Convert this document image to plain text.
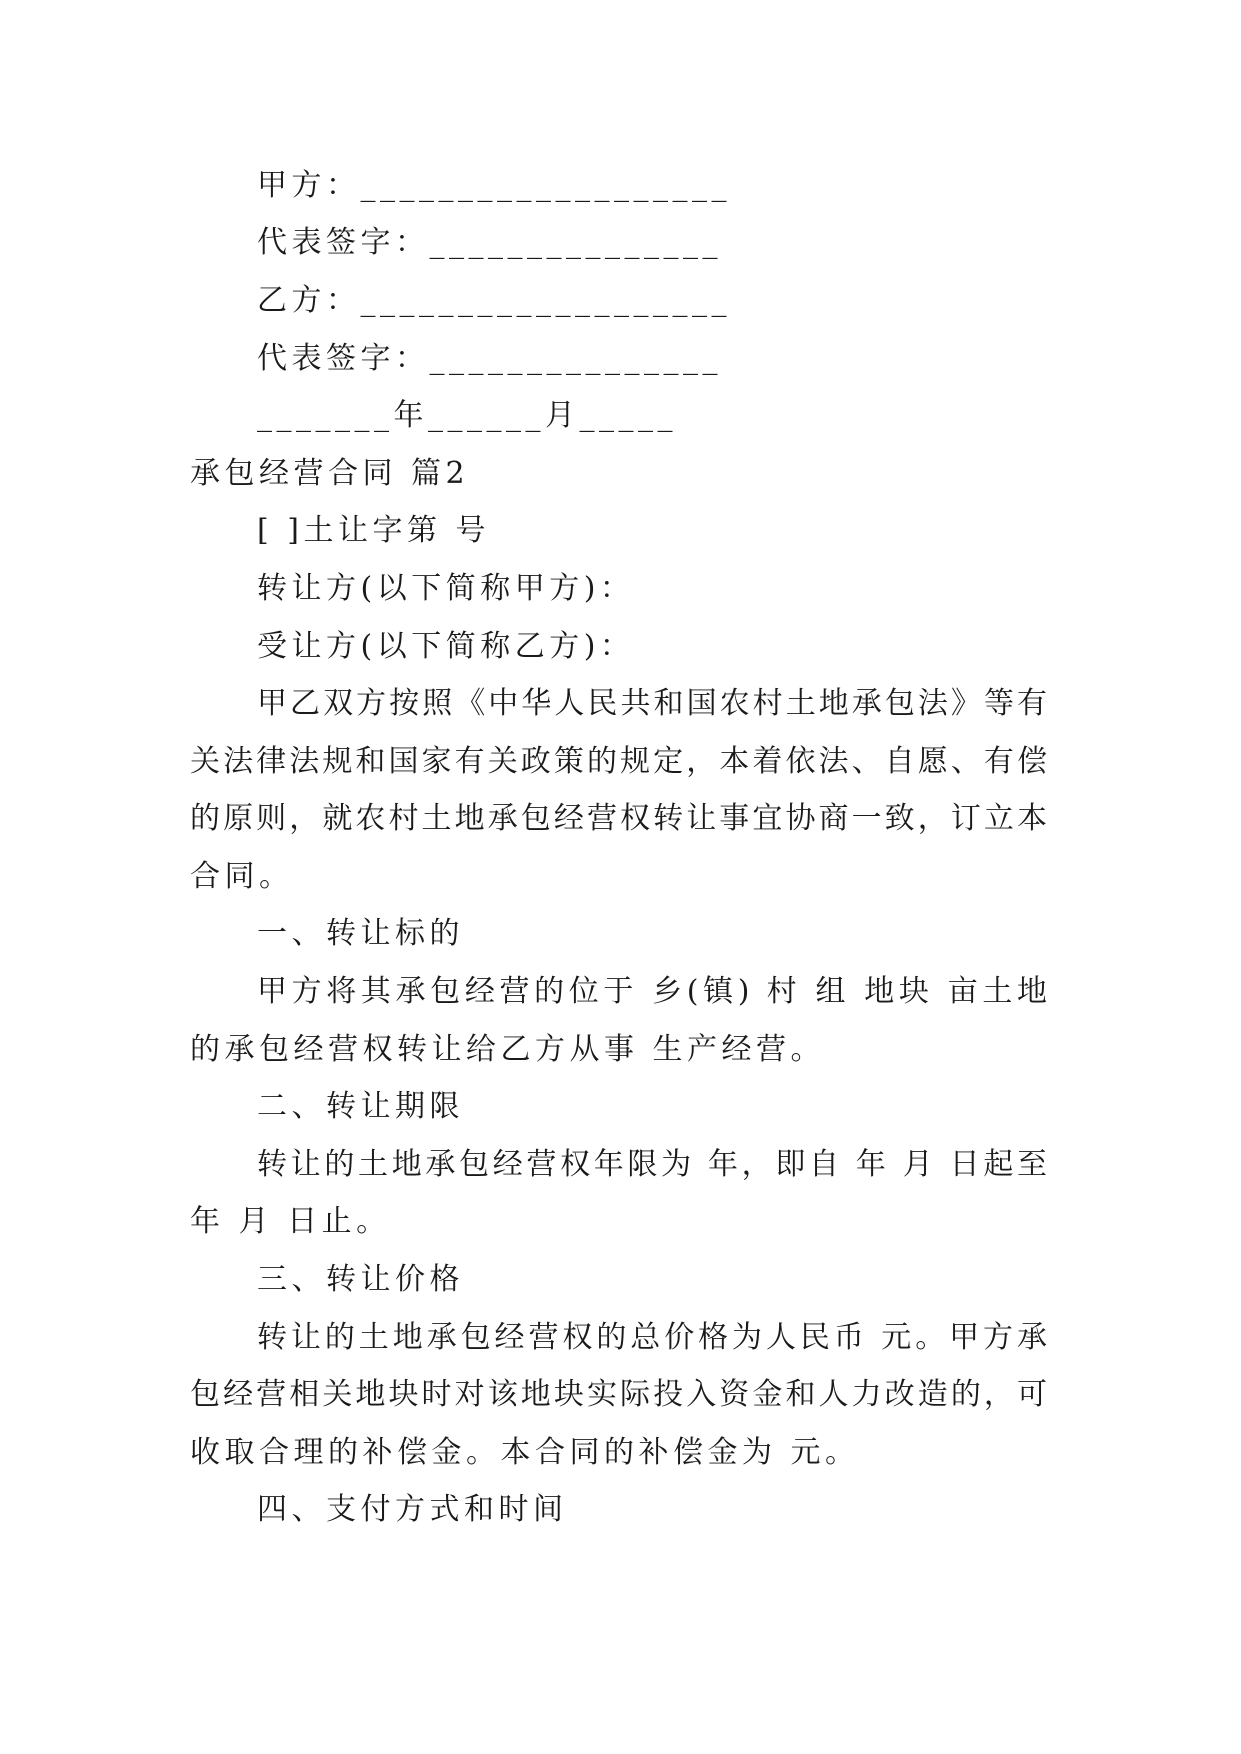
甲方：___________________
代表签字：_______________
乙方：___________________
代表签字：_______________
_______年______月_____
承包经营合同 篇2
[ ]土让字第 号
转让方(以下简称甲方)：
受让方(以下简称乙方)：
甲乙双方按照《中华人民共和国农村土地承包法》等有
关法律法规和国家有关政策的规定，本着依法、自愿、有偿
的原则，就农村土地承包经营权转让事宜协商一致，订立本
合同。
一、转让标的
甲方将其承包经营的位于 乡(镇) 村 组 地块 亩土地
的承包经营权转让给乙方从事 生产经营。
二、转让期限
转让的土地承包经营权年限为 年，即自 年 月 日起至
年 月 日止。
三、转让价格
转让的土地承包经营权的总价格为人民币 元。甲方承
包经营相关地块时对该地块实际投入资金和人力改造的，可
收取合理的补偿金。本合同的补偿金为 元。
四、支付方式和时间
